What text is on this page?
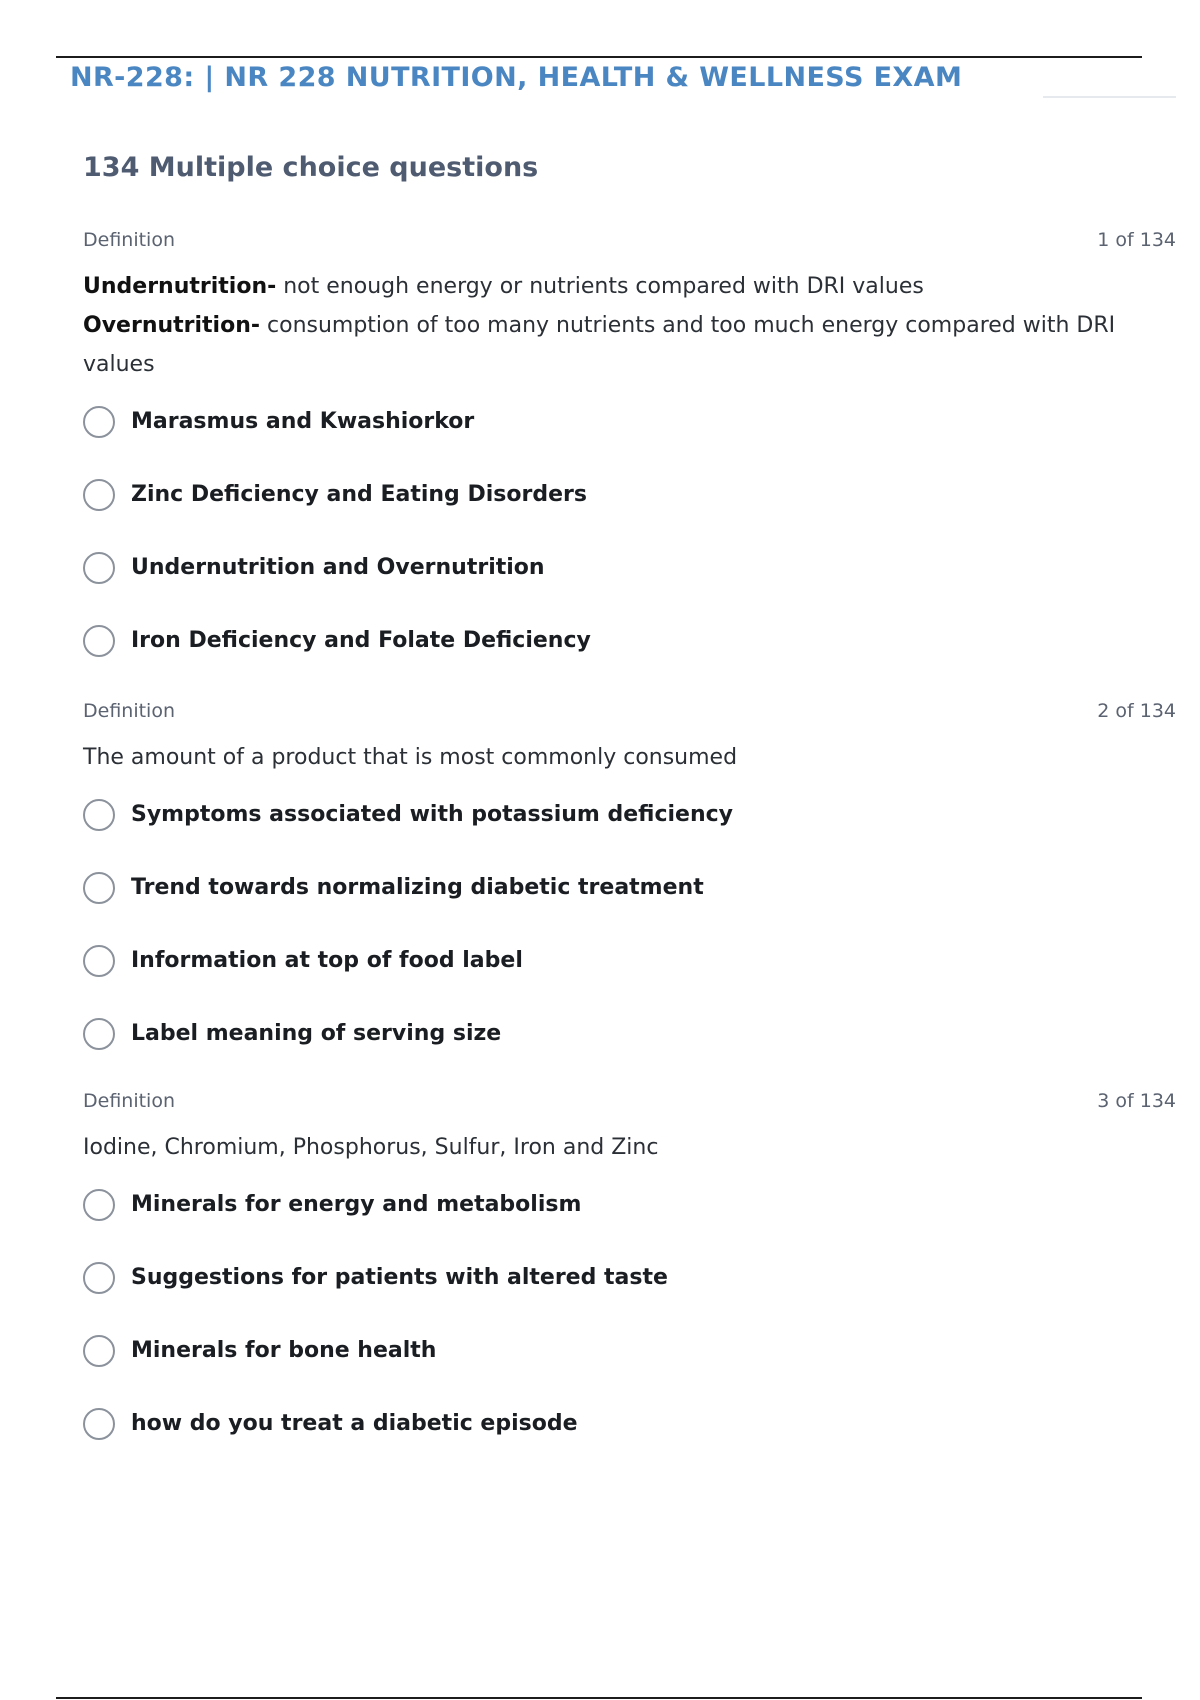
NR-228: | NR 228 NUTRITION, HEALTH & WELLNESS EXAM
134 Multiple choice questions
Definition	1 of 134

Undernutrition- not enough energy or nutrients compared with DRI values

Overnutrition- consumption of too many nutrients and too much energy compared with DRI values

Marasmus and Kwashiorkor
Zinc Deficiency and Eating Disorders
Undernutrition and Overnutrition
Iron Deficiency and Folate Deficiency
Definition	2 of 134

The amount of a product that is most commonly consumed

Symptoms associated with potassium deficiency
Trend towards normalizing diabetic treatment
Information at top of food label
Label meaning of serving size
Definition	3 of 134

Iodine, Chromium, Phosphorus, Sulfur, Iron and Zinc

Minerals for energy and metabolism
Suggestions for patients with altered taste
Minerals for bone health
how do you treat a diabetic episode
